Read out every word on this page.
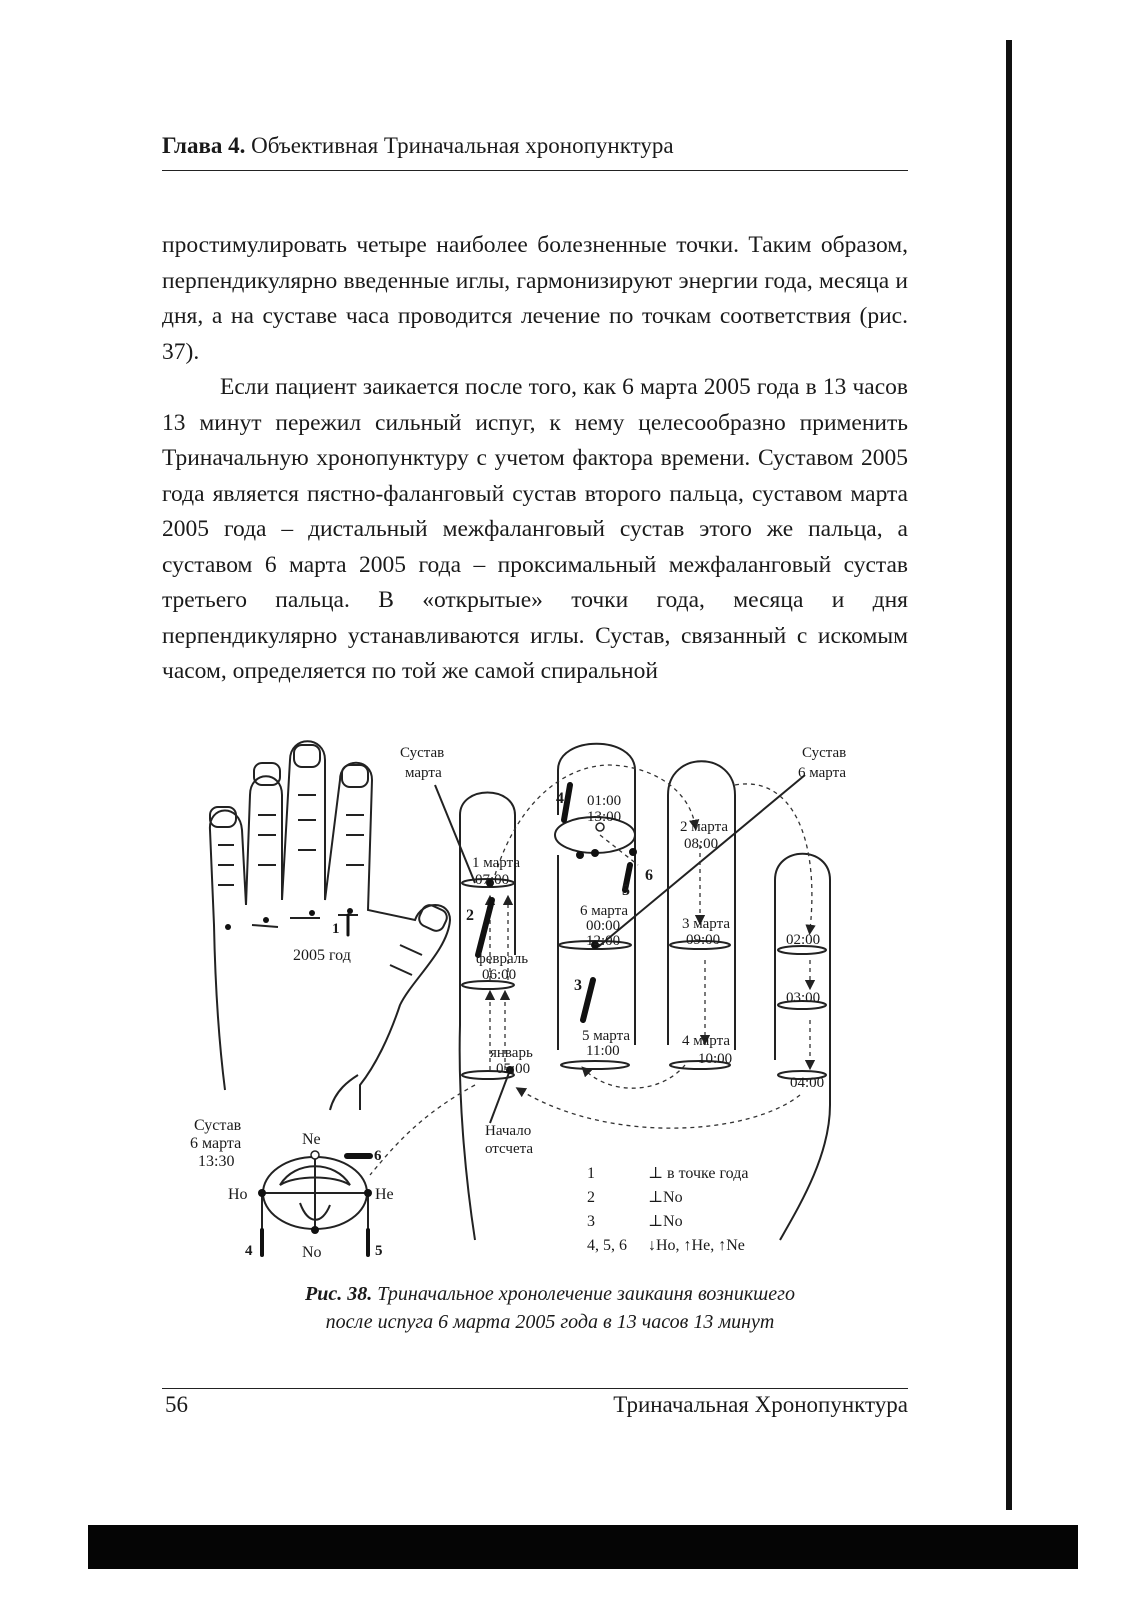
Глава 4. Объективная Триначальная хронопунктура

простимулировать четыре наиболее болезненные точки. Таким образом, перпендикулярно введенные иглы, гармонизируют энергии года, месяца и дня, а на суставе часа проводится лечение по точкам соответствия (рис. 37).

Если пациент заикается после того, как 6 марта 2005 года в 13 часов 13 минут пережил сильный испуг, к нему целесообразно применить Триначальную хронопунктуру с учетом фактора времени. Суставом 2005 года является пястно-фаланговый сустав второго пальца, суставом марта 2005 года – дистальный межфаланговый сустав этого же пальца, а суставом 6 марта 2005 года – проксимальный межфаланговый сустав третьего пальца. В «открытые» точки года, месяца и дня перпендикулярно устанавливаются иглы. Сустав, связанный с искомым часом, определяется по той же самой спиральной

1
2005 год
Сустав
6 марта
13:30
Ne
No
Ho	He
4	5
6
Сустав
марта
Сустав
6 марта
01:00
13:00
2 марта
08:00
1 марта
07:00
6 марта
00:00
12:00
3 марта
09:00	02:00
февраль
06:00
03:00
5 марта
11:00
4 марта
10:00
январь
05:00
04:00
Начало
отсчета
2
3
4
5
6
1	⊥ в точке года
2	⊥No
3	⊥No
4, 5, 6 ↓Ho, ↑He, ↑Ne
Рис. 38. Триначальное хронолечение заикаиня возникшего
после испуга 6 марта 2005 года в 13 часов 13 минут
56	Триначальная Хронопунктура
